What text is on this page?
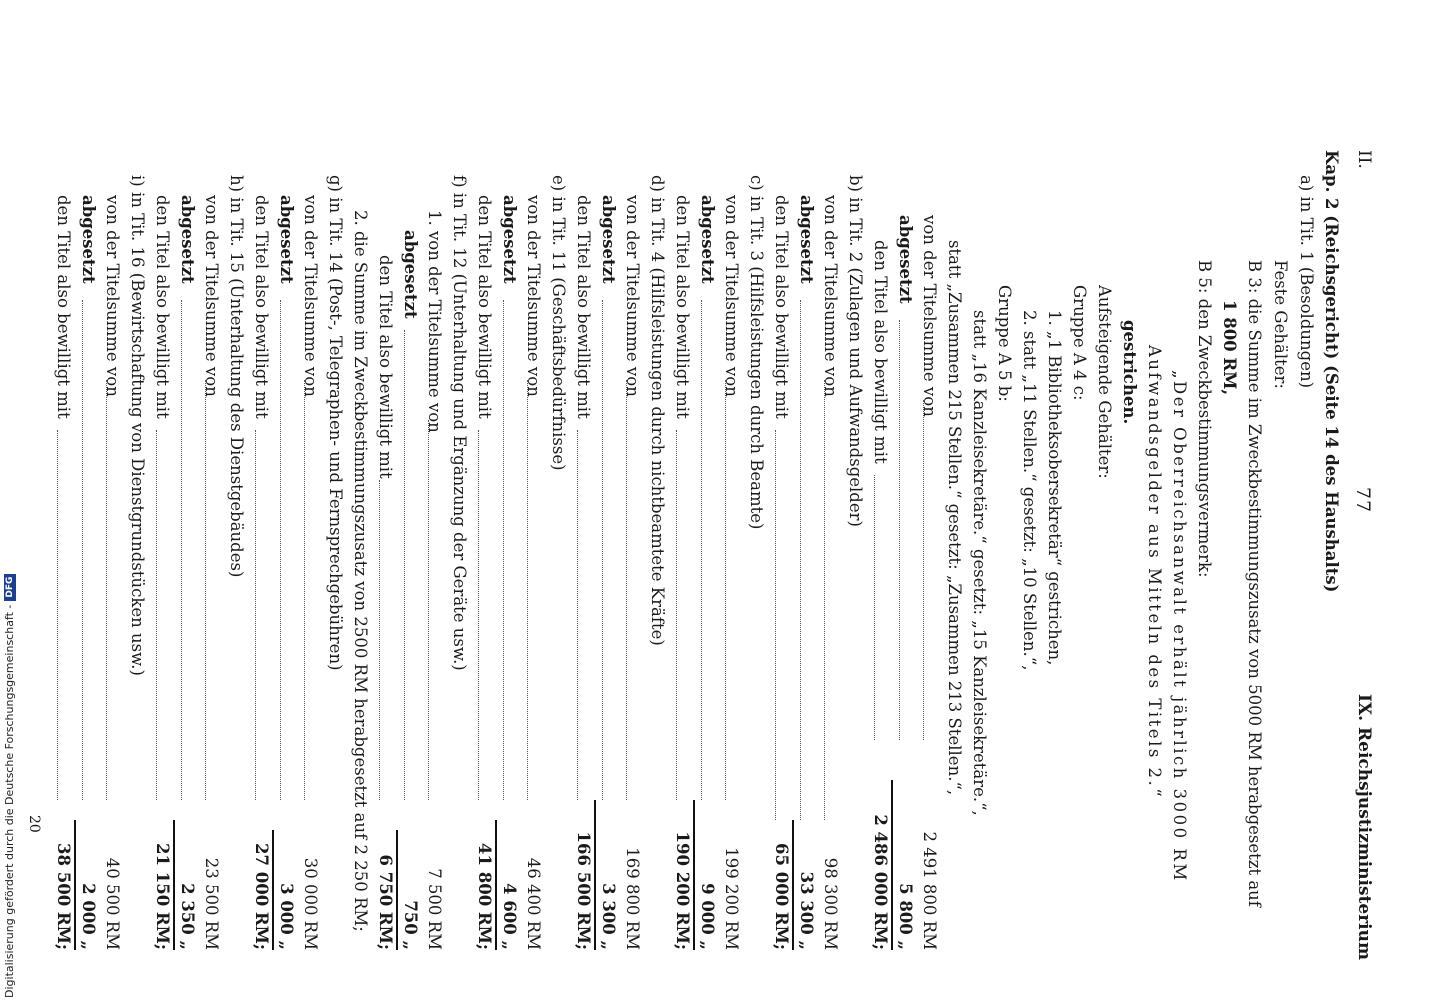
II.
77
IX. Reichsjustizministerium
Kap. 2 (Reichsgericht) (Seite 14 des Haushalts)
a) in Tit. 1 (Besoldungen)
Feste Gehälter:
B 3: die Summe im Zweckbestimmungszusatz von 5000 RM herabgesetzt auf
1 800 RM,
B 5: den Zweckbestimmungsvermerk:
„Der Oberreichsanwalt erhält jährlich 3000 RM
Aufwandsgelder aus Mitteln des Titels 2.“
gestrichen.
Aufsteigende Gehälter:
Gruppe A 4 c:
1. „1 Bibliotheksobersekretär“ gestrichen,
2. statt „11 Stellen.“ gesetzt: „10 Stellen.“,
Gruppe A 5 b:
statt „16 Kanzleisekretäre.“ gesetzt: „15 Kanzleisekretäre.“,
statt „Zusammen 215 Stellen.“ gesetzt: „Zusammen 213 Stellen.“,
von der Titelsumme von
2 491 800 RM
abgesetzt
5 800 „
den Titel also bewilligt mit
2 486 000 RM;
b) in Tit. 2 (Zulagen und Aufwandsgelder)
von der Titelsumme von
98 300 RM
abgesetzt
33 300 „
den Titel also bewilligt mit
65 000 RM;
c) in Tit. 3 (Hilfsleistungen durch Beamte)
von der Titelsumme von
199 200 RM
abgesetzt
9 000 „
den Titel also bewilligt mit
190 200 RM;
d) in Tit. 4 (Hilfsleistungen durch nichtbeamtete Kräfte)
von der Titelsumme von
169 800 RM
abgesetzt
3 300 „
den Titel also bewilligt mit
166 500 RM;
e) in Tit. 11 (Geschäftsbedürfnisse)
von der Titelsumme von
46 400 RM
abgesetzt
4 600 „
den Titel also bewilligt mit
41 800 RM;
f) in Tit. 12 (Unterhaltung und Ergänzung der Geräte usw.)
1. von der Titelsumme von
7 500 RM
abgesetzt
750 „
den Titel also bewilligt mit
6 750 RM;
2. die Summe im Zweckbestimmungszusatz von 2500 RM herabgesetzt auf 2 250 RM;
g) in Tit. 14 (Post-, Telegraphen- und Fernsprechgebühren)
von der Titelsumme von
30 000 RM
abgesetzt
3 000 „
den Titel also bewilligt mit
27 000 RM;
h) in Tit. 15 (Unterhaltung des Dienstgebäudes)
von der Titelsumme von
23 500 RM
abgesetzt
2 350 „
den Titel also bewilligt mit
21 150 RM;
i) in Tit. 16 (Bewirtschaftung von Dienstgrundstücken usw.)
von der Titelsumme von
40 500 RM
abgesetzt
2 000 „
den Titel also bewilligt mit
38 500 RM;
20
Digitalisierung gefördert durch die Deutsche Forschungsgemeinschaft -DFG
